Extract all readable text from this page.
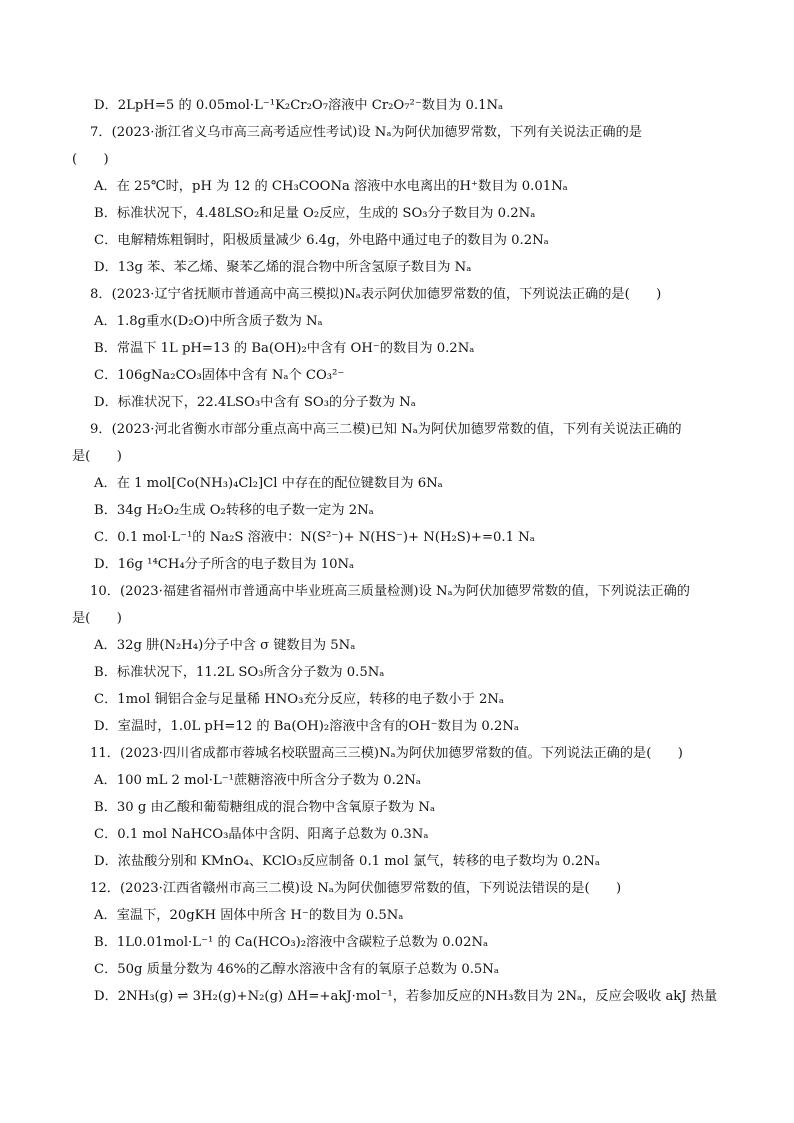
D．2LpH=5 的 0.05mol·L⁻¹K₂Cr₂O₇溶液中 Cr₂O₇²⁻数目为 0.1Nₐ
7．(2023·浙江省义乌市高三高考适应性考试)设 Nₐ为阿伏加德罗常数，下列有关说法正确的是
(　　)
A．在 25℃时，pH 为 12 的 CH₃COONa 溶液中水电离出的H⁺数目为 0.01Nₐ
B．标准状况下，4.48LSO₂和足量 O₂反应，生成的 SO₃分子数目为 0.2Nₐ
C．电解精炼粗铜时，阳极质量减少 6.4g，外电路中通过电子的数目为 0.2Nₐ
D．13g 苯、苯乙烯、聚苯乙烯的混合物中所含氢原子数目为 Nₐ
8．(2023·辽宁省抚顺市普通高中高三模拟)Nₐ表示阿伏加德罗常数的值，下列说法正确的是(　　)
A．1.8g重水(D₂O)中所含质子数为 Nₐ
B．常温下 1L pH=13 的 Ba(OH)₂中含有 OH⁻的数目为 0.2Nₐ
C．106gNa₂CO₃固体中含有 Nₐ个 CO₃²⁻
D．标准状况下，22.4LSO₃中含有 SO₃的分子数为 Nₐ
9．(2023·河北省衡水市部分重点高中高三二模)已知 Nₐ为阿伏加德罗常数的值，下列有关说法正确的
是(　　)
A．在 1 mol[Co(NH₃)₄Cl₂]Cl 中存在的配位键数目为 6Nₐ
B．34g H₂O₂生成 O₂转移的电子数一定为 2Nₐ
C．0.1 mol·L⁻¹的 Na₂S 溶液中：N(S²⁻)+ N(HS⁻)+ N(H₂S)+=0.1 Nₐ
D．16g ¹⁴CH₄分子所含的电子数目为 10Nₐ
10．(2023·福建省福州市普通高中毕业班高三质量检测)设 Nₐ为阿伏加德罗常数的值，下列说法正确的
是(　　)
A．32g 肼(N₂H₄)分子中含 σ 键数目为 5Nₐ
B．标准状况下，11.2L SO₃所含分子数为 0.5Nₐ
C．1mol 铜铝合金与足量稀 HNO₃充分反应，转移的电子数小于 2Nₐ
D．室温时，1.0L pH=12 的 Ba(OH)₂溶液中含有的OH⁻数目为 0.2Nₐ
11．(2023·四川省成都市蓉城名校联盟高三三模)Nₐ为阿伏加德罗常数的值。下列说法正确的是(　　)
A．100 mL 2 mol·L⁻¹蔗糖溶液中所含分子数为 0.2Nₐ
B．30 g 由乙酸和葡萄糖组成的混合物中含氧原子数为 Nₐ
C．0.1 mol NaHCO₃晶体中含阴、阳离子总数为 0.3Nₐ
D．浓盐酸分别和 KMnO₄、KClO₃反应制备 0.1 mol 氯气，转移的电子数均为 0.2Nₐ
12．(2023·江西省赣州市高三二模)设 Nₐ为阿伏伽德罗常数的值，下列说法错误的是(　　)
A．室温下，20gKH 固体中所含 H⁻的数目为 0.5Nₐ
B．1L0.01mol·L⁻¹ 的 Ca(HCO₃)₂溶液中含碳粒子总数为 0.02Nₐ
C．50g 质量分数为 46%的乙醇水溶液中含有的氧原子总数为 0.5Nₐ
D．2NH₃(g) ⇌ 3H₂(g)+N₂(g) ΔH=+akJ·mol⁻¹，若参加反应的NH₃数目为 2Nₐ，反应会吸收 akJ 热量
